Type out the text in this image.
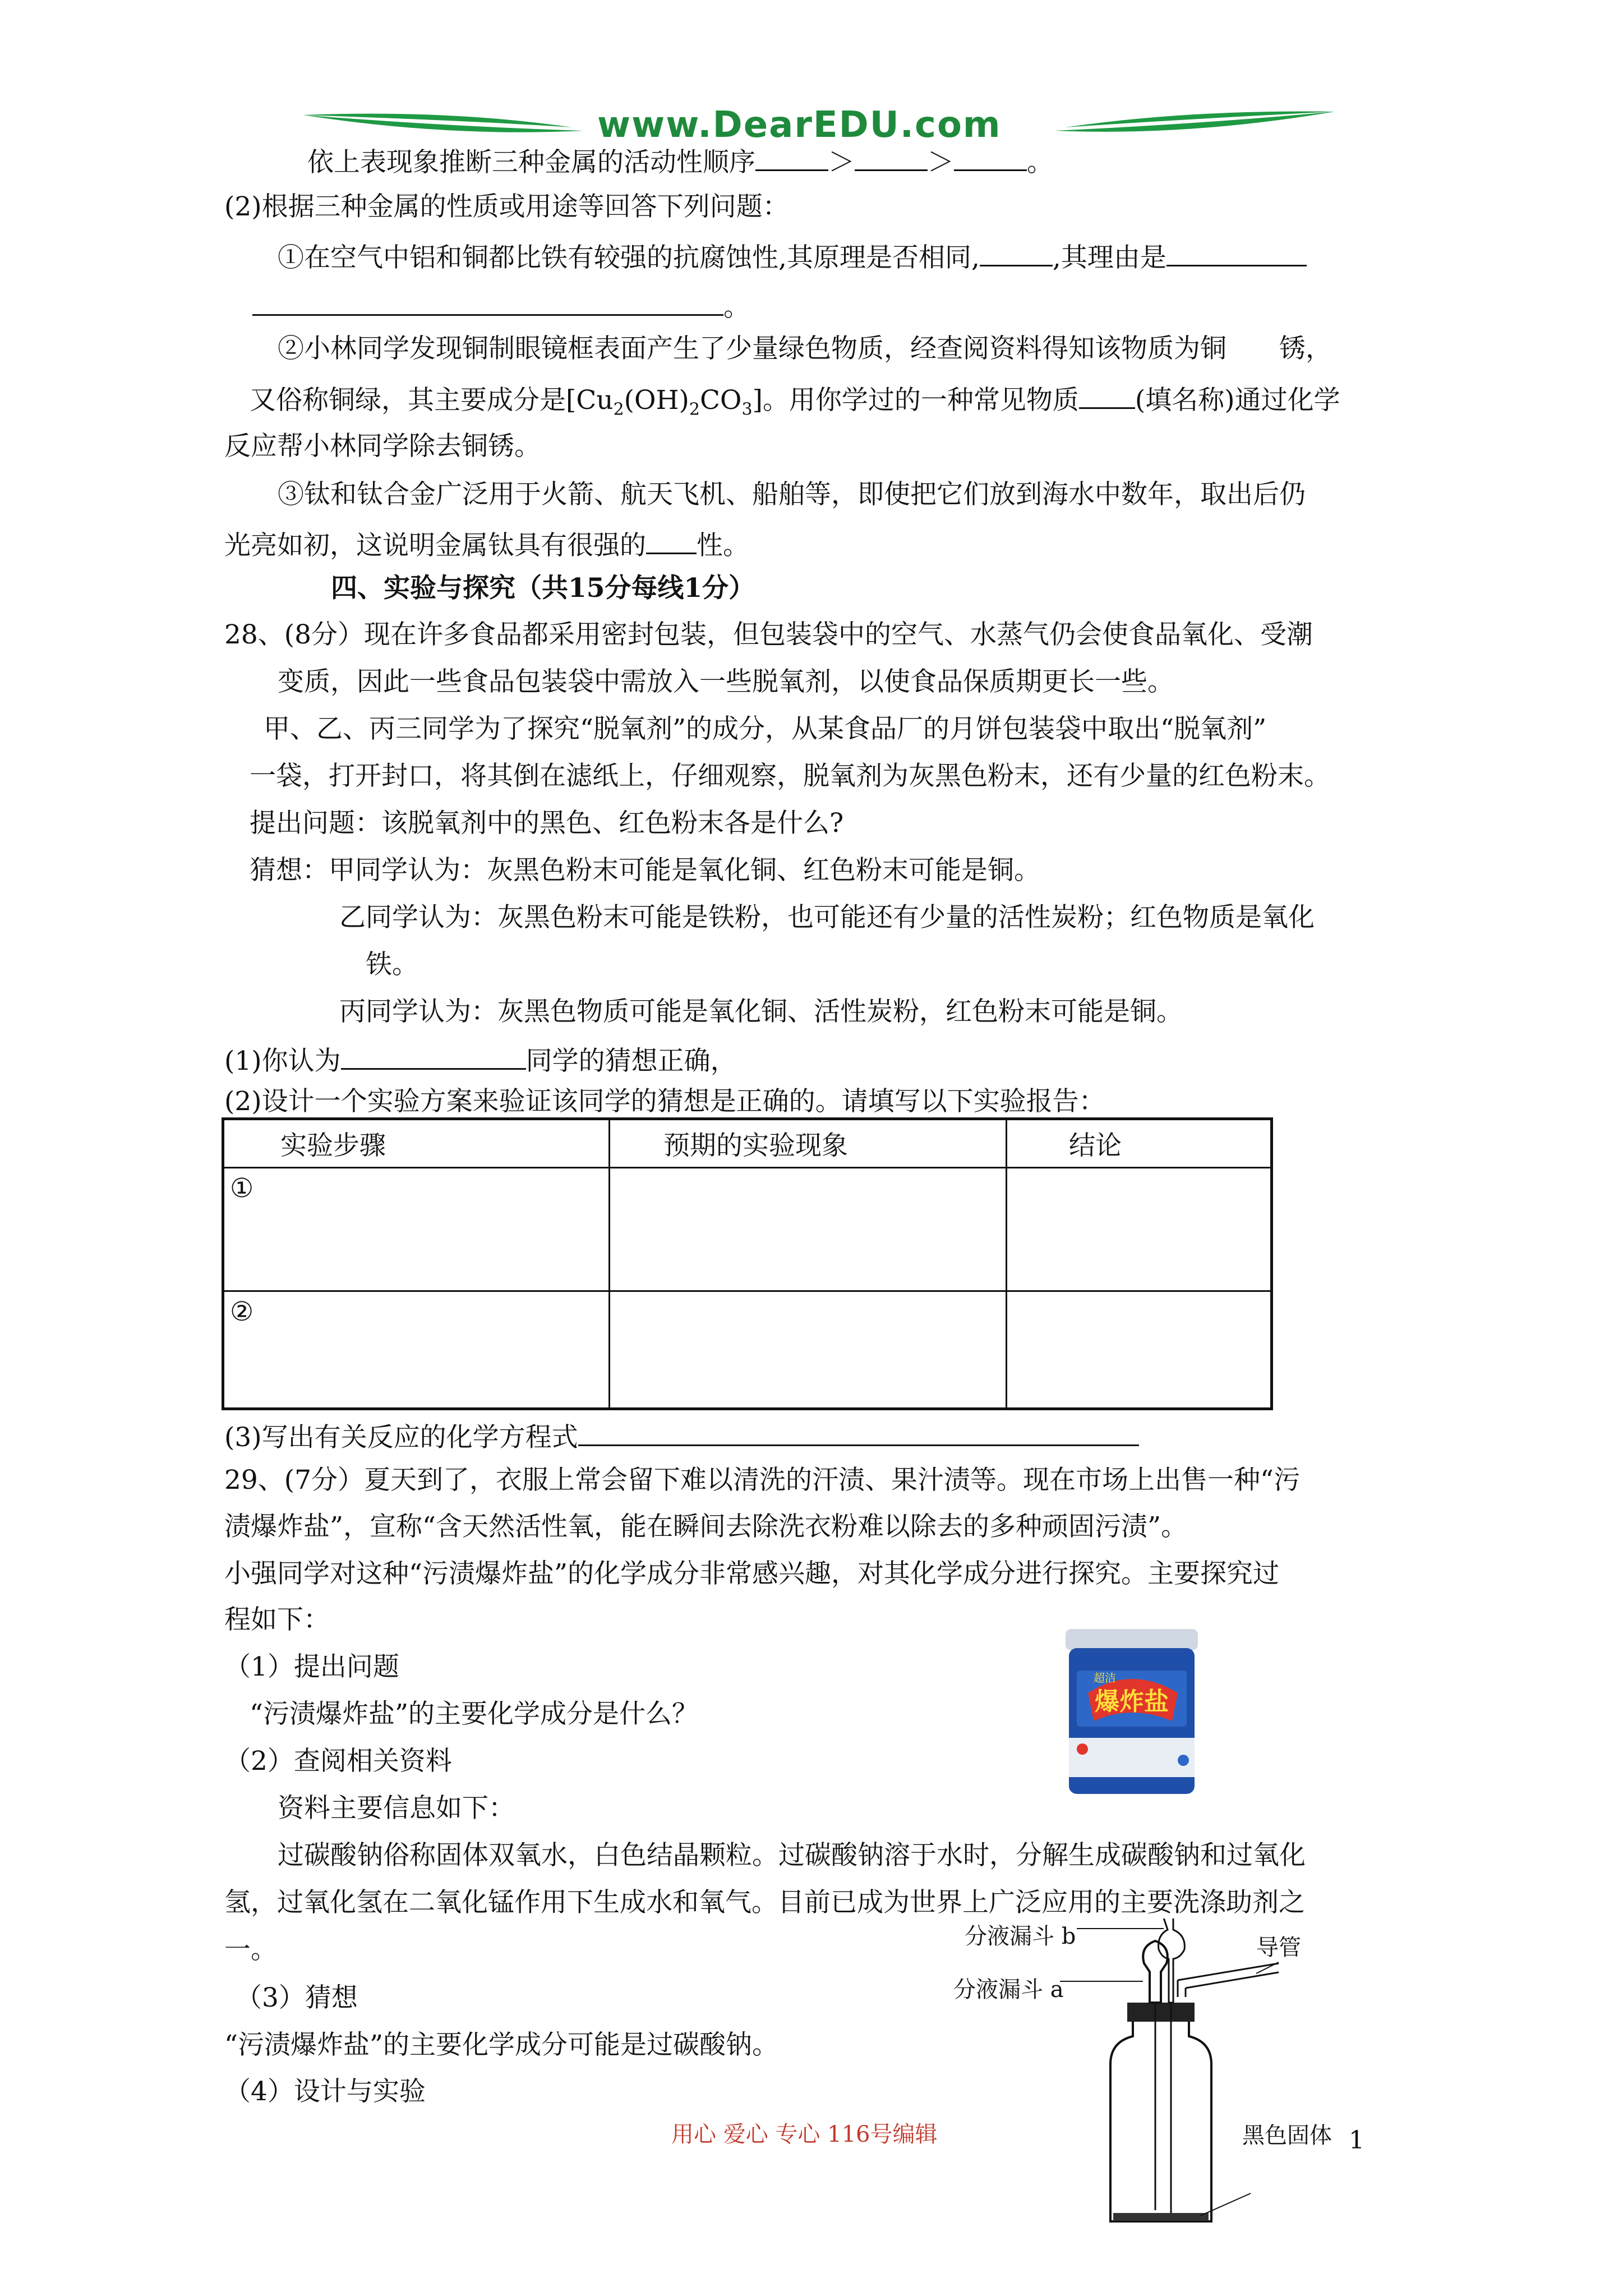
www.DearEDU.com
依上表现象推断三种金属的活动性顺序	＞	＞	。
(2)根据三种金属的性质或用途等回答下列问题：
①在空气中铝和铜都比铁有较强的抗腐蚀性,其原理是否相同,	,其理由是
。
②小林同学发现铜制眼镜框表面产生了少量绿色物质，经查阅资料得知该物质为铜　　锈，
又俗称铜绿，其主要成分是$[Cu_2(OH)_2CO_3]$。用你学过的一种常见物质 (填名称)通过化学
反应帮小林同学除去铜锈。
③钛和钛合金广泛用于火箭、航天飞机、船舶等，即使把它们放到海水中数年，取出后仍
光亮如初，这说明金属钛具有很强的 性。
四、实验与探究（共15分每线1分）
28、(8分）现在许多食品都采用密封包装，但包装袋中的空气、水蒸气仍会使食品氧化、受潮
变质，因此一些食品包装袋中需放入一些脱氧剂，以使食品保质期更长一些。
甲、乙、丙三同学为了探究“脱氧剂”的成分，从某食品厂的月饼包装袋中取出“脱氧剂”
一袋，打开封口，将其倒在滤纸上，仔细观察，脱氧剂为灰黑色粉末，还有少量的红色粉末。
提出问题：该脱氧剂中的黑色、红色粉末各是什么?
猜想：甲同学认为：灰黑色粉末可能是氧化铜、红色粉末可能是铜。
乙同学认为：灰黑色粉末可能是铁粉，也可能还有少量的活性炭粉；红色物质是氧化
铁。
丙同学认为：灰黑色物质可能是氧化铜、活性炭粉，红色粉末可能是铜。
(1)你认为	同学的猜想正确，
(2)设计一个实验方案来验证该同学的猜想是正确的。请填写以下实验报告：
实验步骤	预期的实验现象	结论
①		
②		
(3)写出有关反应的化学方程式
29、(7分）夏天到了，衣服上常会留下难以清洗的汗渍、果汁渍等。现在市场上出售一种“污
渍爆炸盐”，宣称“含天然活性氧，能在瞬间去除洗衣粉难以除去的多种顽固污渍”。
小强同学对这种“污渍爆炸盐”的化学成分非常感兴趣，对其化学成分进行探究。主要探究过
程如下：
（1）提出问题
“污渍爆炸盐”的主要化学成分是什么？
（2）查阅相关资料
资料主要信息如下：
过碳酸钠俗称固体双氧水，白色结晶颗粒。过碳酸钠溶于水时，分解生成碳酸钠和过氧化
氢，过氧化氢在二氧化锰作用下生成水和氧气。目前已成为世界上广泛应用的主要洗涤助剂之
一。
（3）猜想
“污渍爆炸盐”的主要化学成分可能是过碳酸钠。
（4）设计与实验
爆炸盐
超洁
分液漏斗 b	导管
分液漏斗 a
黑色固体
用心 爱心 专心 116号编辑	1
